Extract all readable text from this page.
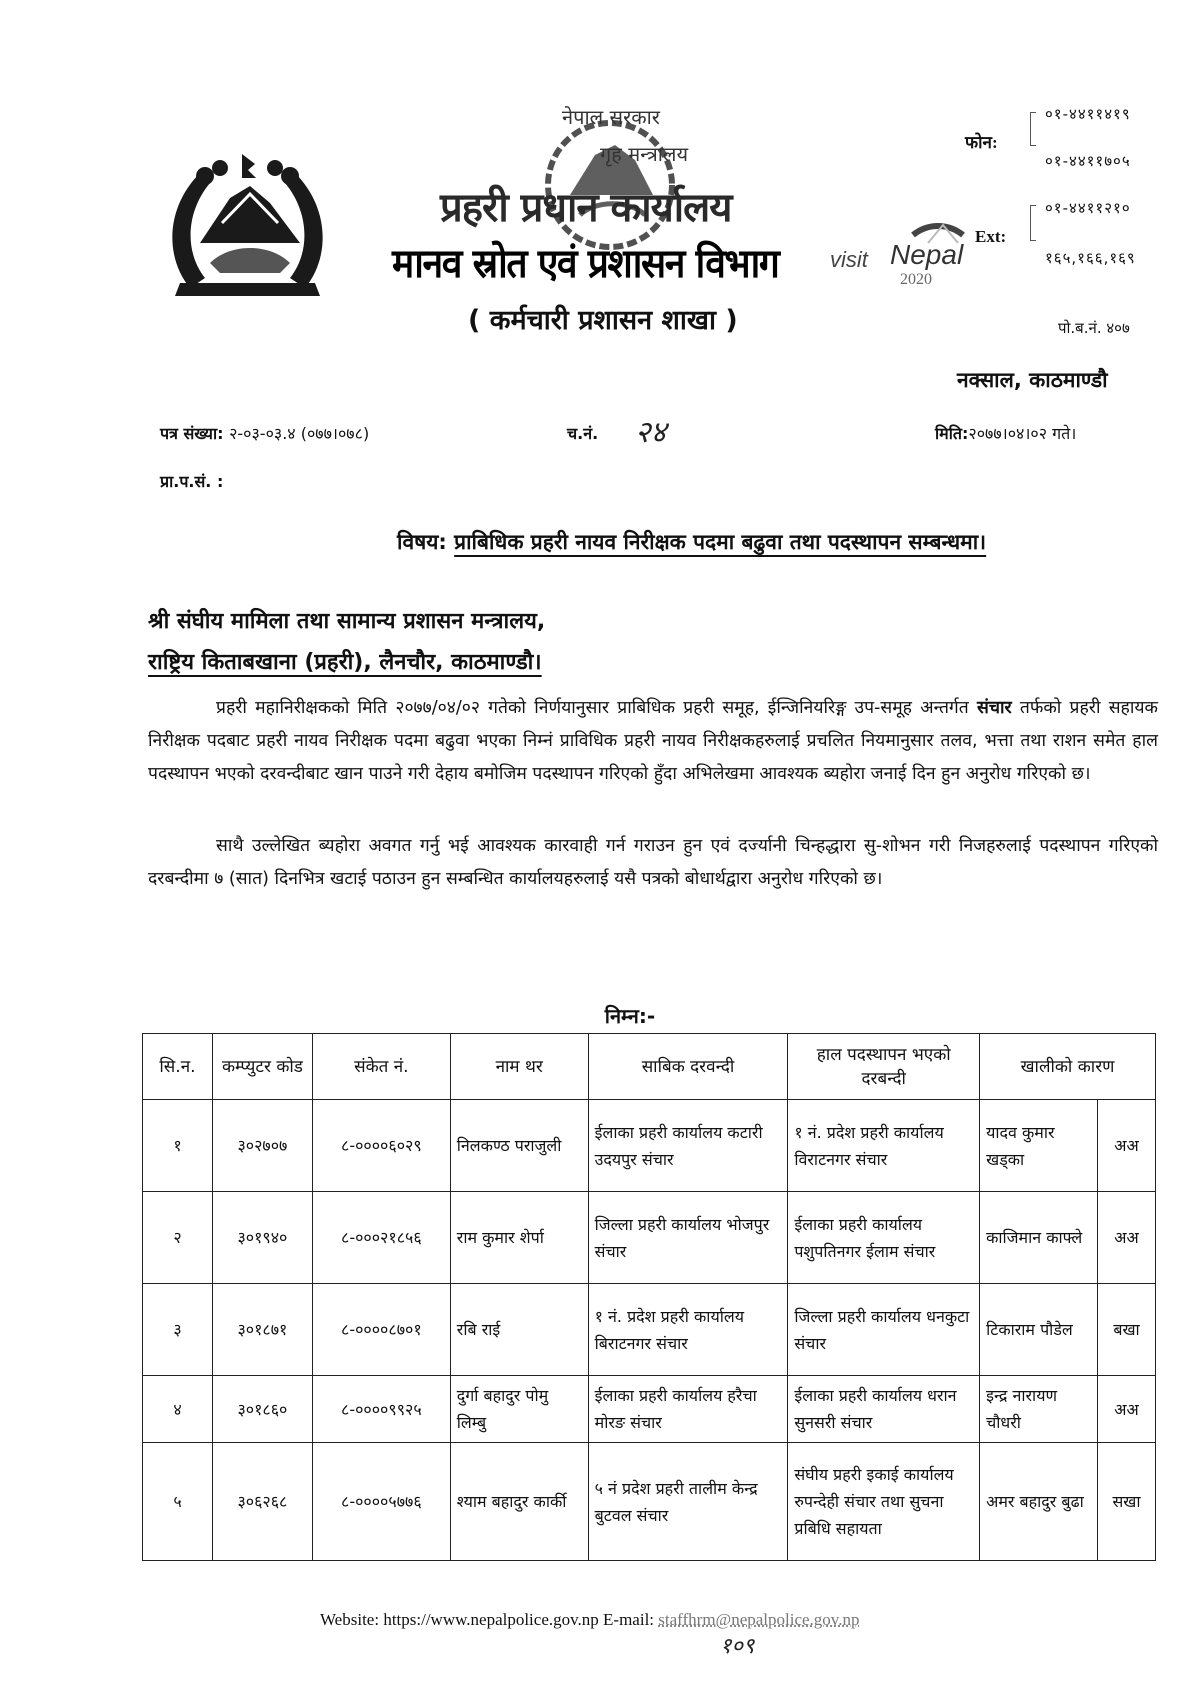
नेपाल सरकार
गृह मन्त्रालय
प्रहरी प्रधान कार्यालय
मानव स्रोत एवं प्रशासन विभाग
( कर्मचारी प्रशासन शाखा )
visit Nepal
2020
फोन:
०१-४४११४१९
०१-४४११७०५
Ext:
०१-४४११२१०
१६५,१६६,१६९
पो.ब.नं. ४०७
नक्साल, काठमाण्डौ
पत्र संख्या: २-०३-०३.४ (०७७।०७८)	च.नं. २४	मिति:२०७७।०४।०२ गते।
प्रा.प.सं. :
विषय: प्राबिधिक प्रहरी नायव निरीक्षक पदमा बढुवा तथा पदस्थापन सम्बन्धमा।
श्री संघीय मामिला तथा सामान्य प्रशासन मन्त्रालय,
राष्ट्रिय किताबखाना (प्रहरी), लैनचौर, काठमाण्डौ।
प्रहरी महानिरीक्षकको मिति २०७७/०४/०२ गतेको निर्णयानुसार प्राबिधिक प्रहरी समूह, ईन्जिनियरिङ्ग उप-समूह अन्तर्गत संचार तर्फको प्रहरी सहायक निरीक्षक पदबाट प्रहरी नायव निरीक्षक पदमा बढुवा भएका निम्नं प्राविधिक प्रहरी नायव निरीक्षकहरुलाई प्रचलित नियमानुसार तलव, भत्ता तथा राशन समेत हाल पदस्थापन भएको दरवन्दीबाट खान पाउने गरी देहाय बमोजिम पदस्थापन गरिएको हुँदा अभिलेखमा आवश्यक ब्यहोरा जनाई दिन हुन अनुरोध गरिएको छ।
साथै उल्लेखित ब्यहोरा अवगत गर्नु भई आवश्यक कारवाही गर्न गराउन हुन एवं दर्ज्यानी चिन्हद्धारा सु-शोभन गरी निजहरुलाई पदस्थापन गरिएको दरबन्दीमा ७ (सात) दिनभित्र खटाई पठाउन हुन सम्बन्धित कार्यालयहरुलाई यसै पत्रको बोधार्थद्वारा अनुरोध गरिएको छ।
निम्न:-
सि.न.	कम्प्युटर कोड	संकेत नं.	नाम थर	साबिक दरवन्दी	हाल पदस्थापन भएको दरबन्दी	खालीको कारण	
१	३०२७०७	८-००००६०२९	निलकण्ठ पराजुली	ईलाका प्रहरी कार्यालय कटारी उदयपुर संचार	१ नं. प्रदेश प्रहरी कार्यालय विराटनगर संचार	यादव कुमार खड्का	अअ
२	३०१९४०	८-०००२१८५६	राम कुमार शेर्पा	जिल्ला प्रहरी कार्यालय भोजपुर संचार	ईलाका प्रहरी कार्यालय पशुपतिनगर ईलाम संचार	काजिमान काफ्ले	अअ
३	३०१८७१	८-००००८७०१	रबि राई	१ नं. प्रदेश प्रहरी कार्यालय बिराटनगर संचार	जिल्ला प्रहरी कार्यालय धनकुटा संचार	टिकाराम पौडेल	बखा
४	३०१८६०	८-००००९९२५	दुर्गा बहादुर पोमु लिम्बु	ईलाका प्रहरी कार्यालय हरैचा मोरङ संचार	ईलाका प्रहरी कार्यालय धरान सुनसरी संचार	इन्द्र नारायण चौधरी	अअ
५	३०६२६८	८-००००५७७६	श्याम बहादुर कार्की	५ नं प्रदेश प्रहरी तालीम केन्द्र बुटवल संचार	संघीय प्रहरी इकाई कार्यालय रुपन्देही संचार तथा सुचना प्रबिधि सहायता	अमर बहादुर बुढा	सखा
Website: https://www.nepalpolice.gov.np E-mail: staffhrm@nepalpolice.gov.np
१०९
